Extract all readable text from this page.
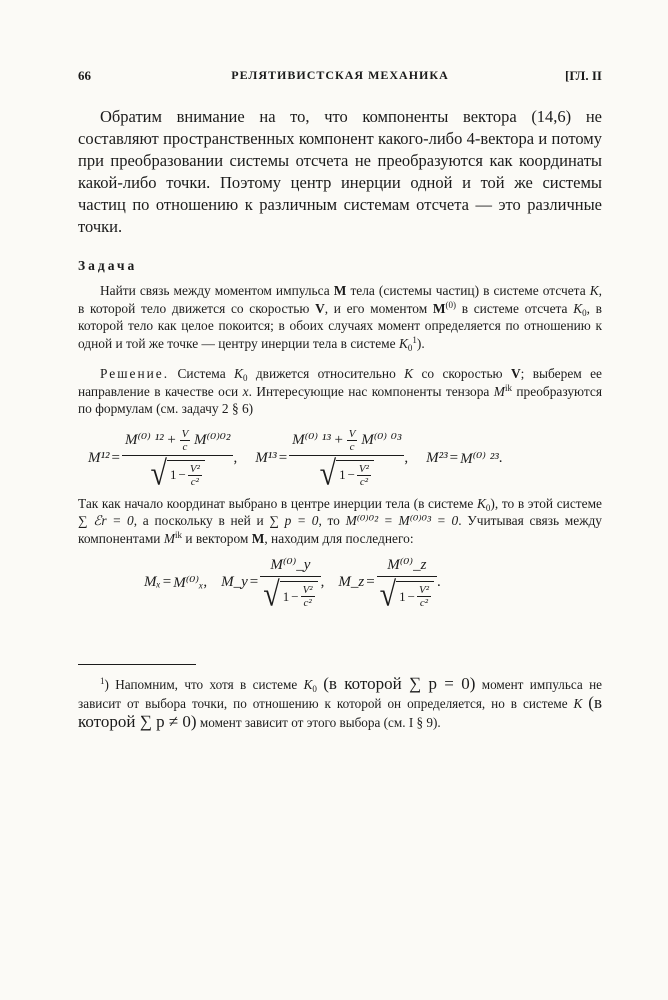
66	РЕЛЯТИВИСТСКАЯ МЕХАНИКА	[ГЛ. II

Обратим внимание на то, что компоненты вектора (14,6) не составляют пространственных компонент какого-либо 4-вектора и потому при преобразовании системы отсчета не преобразуются как координаты какой-либо точки. Поэтому центр инерции одной и той же системы частиц по отношению к различным системам отсчета — это различные точки.

Задача

Найти связь между моментом импульса M тела (системы частиц) в системе отсчета K, в которой тело движется со скоростью V, и его моментом $M^{(0)}$ в системе отсчета $K_0$, в которой тело как целое покоится; в обоих случаях момент определяется по отношению к одной и той же точке — центру инерции тела в системе $K_0^1$).

Решение. Система $K_0$ движется относительно K со скоростью V; выберем ее направление в качестве оси x. Интересующие нас компоненты тензора $M^{ik}$ преобразуются по формулам (см. задачу 2 § 6)

$M^{12} = \frac{M^{(0)} ^{12} + \frac{V}{c} M^{(0)02}}{√ 1 - \frac{\text{V²}}{\text{c²}}}$ , $M^{13} = \frac{M^{(0)} ^{13} + \frac{V}{c} M^{(0)} ^{03}}{√ 1 - \frac{\text{V²}}{\text{c²}}}$ , M²³ = M⁽⁰⁾ ²³ .

Так как начало координат выбрано в центре инерции тела (в системе $K_0$), то в этой системе ∑ ℰr = 0, а поскольку в ней и ∑ p = 0, то M⁽⁰⁾⁰² = M⁽⁰⁾⁰³ = 0. Учитывая связь между компонентами $M^{ik}$ и вектором M, находим для последнего:

Mₓ = M⁽⁰⁾ₓ , M_y = $\frac{\text{M⁽⁰⁾\_y}}{√ 1 - \frac{\text{V²}}{\text{c²}}}$ , M_z = $\frac{\text{M⁽⁰⁾\_z}}{√ 1 - \frac{\text{V²}}{\text{c²}}}$ .

$^1$) Напомним, что хотя в системе $K_0$ (в которой ∑ p = 0) момент импульса не зависит от выбора точки, по отношению к которой он определяется, но в системе K (в которой ∑ p ≠ 0) момент зависит от этого выбора (см. I § 9).
